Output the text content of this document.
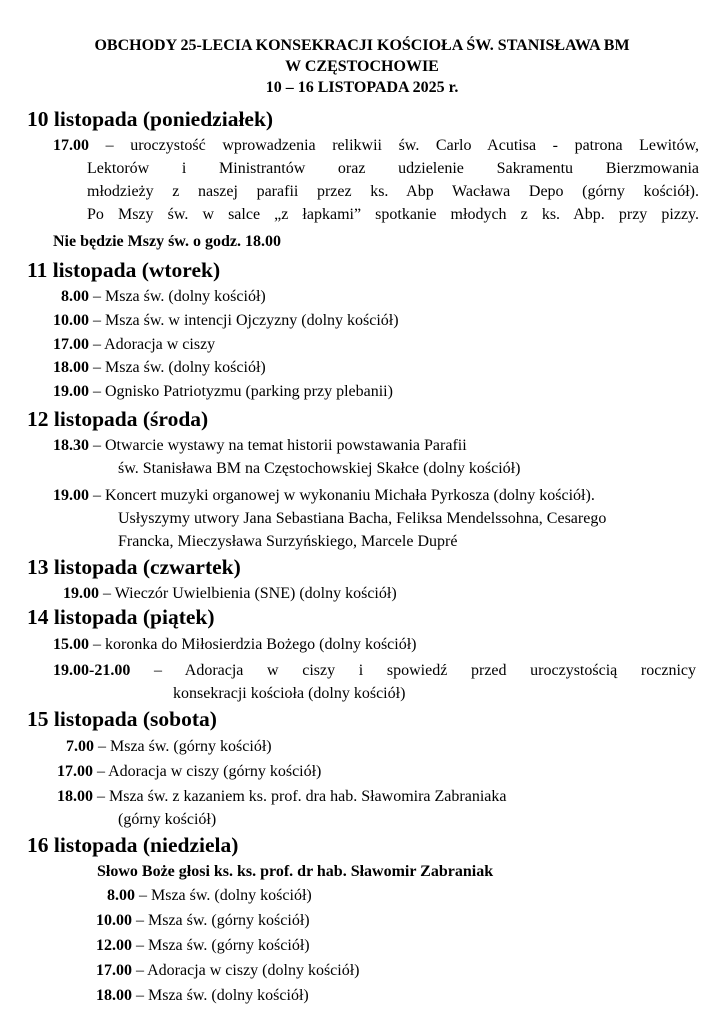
OBCHODY 25-LECIA KONSEKRACJI KOŚCIOŁA ŚW. STANISŁAWA BM
W CZĘSTOCHOWIE
10 – 16 LISTOPADA 2025 r.
10 listopada (poniedziałek)
17.00 – uroczystość wprowadzenia relikwii św. Carlo Acutisa - patrona Lewitów,
Lektorów i Ministrantów oraz udzielenie Sakramentu Bierzmowania
młodzieży z naszej parafii przez ks. Abp Wacława Depo (górny kościół).
Po Mszy św. w salce „z łapkami” spotkanie młodych z ks. Abp. przy pizzy.
Nie będzie Mszy św. o godz. 18.00
11 listopada (wtorek)
8.00 – Msza św. (dolny kościół)
10.00 – Msza św. w intencji Ojczyzny (dolny kościół)
17.00 – Adoracja w ciszy
18.00 – Msza św. (dolny kościół)
19.00 – Ognisko Patriotyzmu (parking przy plebanii)
12 listopada (środa)
18.30 – Otwarcie wystawy na temat historii powstawania Parafii
św. Stanisława BM na Częstochowskiej Skałce (dolny kościół)
19.00 – Koncert muzyki organowej w wykonaniu Michała Pyrkosza (dolny kościół).
Usłyszymy utwory Jana Sebastiana Bacha, Feliksa Mendelssohna, Cesarego
Francka, Mieczysława Surzyńskiego, Marcele Dupré
13 listopada (czwartek)
19.00 – Wieczór Uwielbienia (SNE) (dolny kościół)
14 listopada (piątek)
15.00 – koronka do Miłosierdzia Bożego (dolny kościół)
19.00-21.00 – Adoracja w ciszy i spowiedź przed uroczystością rocznicy
konsekracji kościoła (dolny kościół)
15 listopada (sobota)
7.00 – Msza św. (górny kościół)
17.00 – Adoracja w ciszy (górny kościół)
18.00 – Msza św. z kazaniem ks. prof. dra hab. Sławomira Zabraniaka
(górny kościół)
16 listopada (niedziela)
Słowo Boże głosi ks. ks. prof. dr hab. Sławomir Zabraniak
8.00 – Msza św. (dolny kościół)
10.00 – Msza św. (górny kościół)
12.00 – Msza św. (górny kościół)
17.00 – Adoracja w ciszy (dolny kościół)
18.00 – Msza św. (dolny kościół)
